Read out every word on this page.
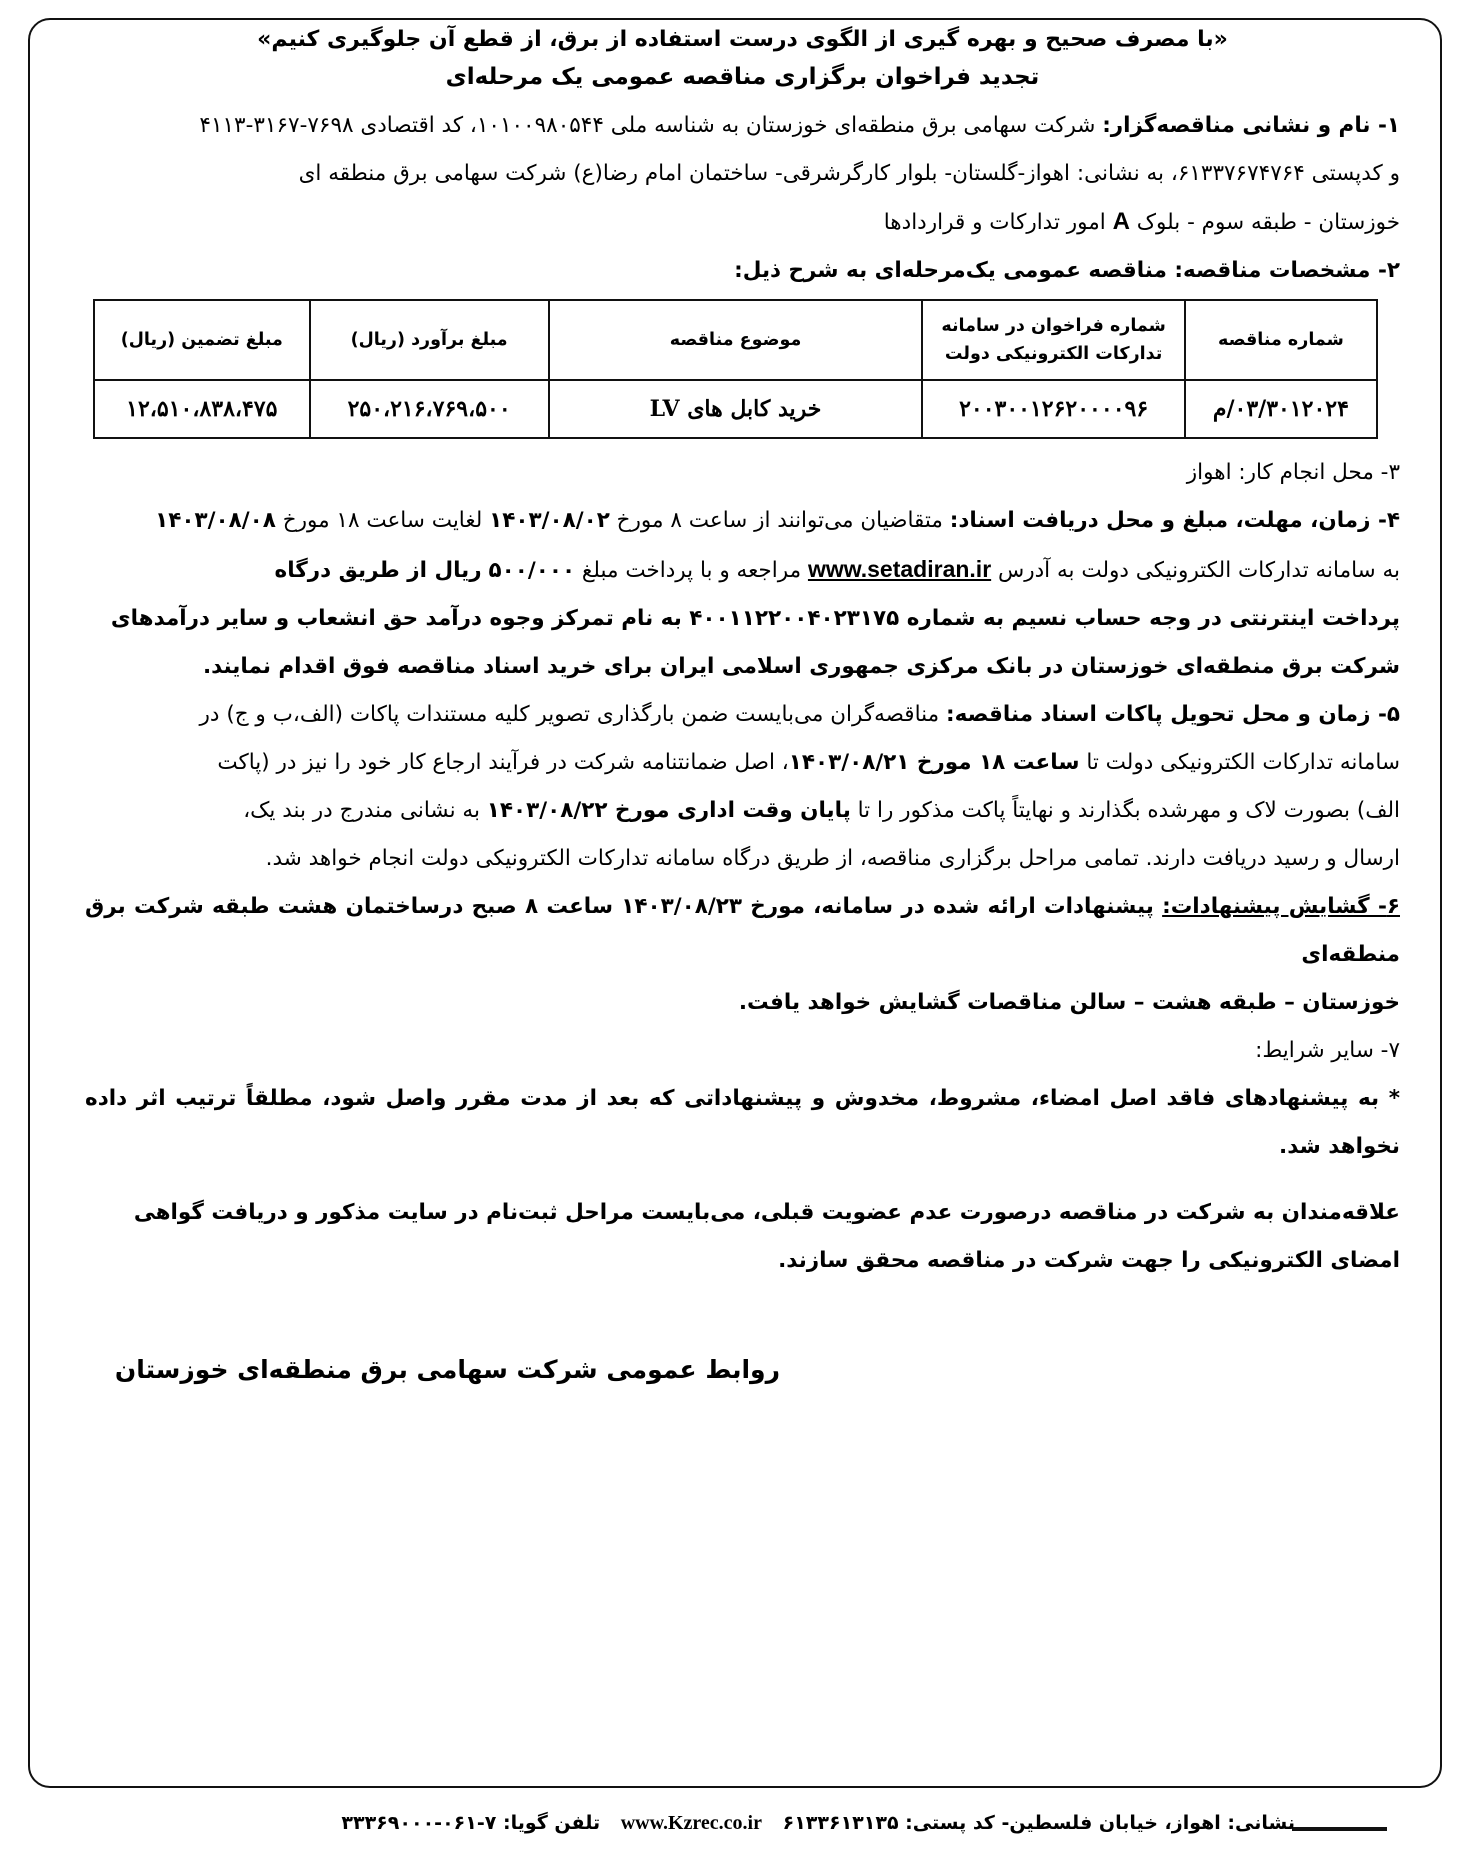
«با مصرف صحیح و بهره گیری از الگوی درست استفاده از برق، از قطع آن جلوگیری کنیم»

تجدید فراخوان برگزاری مناقصه عمومی یک مرحله‌ای

۱- نام و نشانی مناقصه‌گزار: شرکت سهامی برق منطقه‌ای خوزستان به شناسه ملی ۱۰۱۰۰۹۸۰۵۴۴، کد اقتصادی ۷۶۹۸-۳۱۶۷-۴۱۱۳

و کدپستی ۶۱۳۳۷۶۷۴۷۶۴، به نشانی: اهواز-گلستان- بلوار کارگرشرقی- ساختمان امام رضا(ع) شرکت سهامی برق منطقه ای

خوزستان - طبقه سوم - بلوک A امور تدارکات و قراردادها

۲- مشخصات مناقصه: مناقصه عمومی یک‌مرحله‌ای به شرح ذیل:

شماره مناقصه	شماره فراخوان در سامانه تدارکات الکترونیکی دولت	موضوع مناقصه	مبلغ برآورد (ریال)	مبلغ تضمین (ریال)
۰۳/۳۰۱۲۰۲۴/م	۲۰۰۳۰۰۱۲۶۲۰۰۰۰۹۶	خرید کابل های LV	۲۵۰،۲۱۶،۷۶۹،۵۰۰	۱۲،۵۱۰،۸۳۸،۴۷۵

۳- محل انجام کار: اهواز

۴- زمان، مهلت، مبلغ و محل دریافت اسناد: متقاضیان می‌توانند از ساعت ۸ مورخ ۱۴۰۳/۰۸/۰۲ لغایت ساعت ۱۸ مورخ ۱۴۰۳/۰۸/۰۸

به سامانه تدارکات الکترونیکی دولت به آدرس www.setadiran.ir مراجعه و با پرداخت مبلغ ۵۰۰/۰۰۰ ریال از طریق درگاه

پرداخت اینترنتی در وجه حساب نسیم به شماره ۴۰۰۱۱۲۲۰۰۴۰۲۳۱۷۵ به نام تمرکز وجوه درآمد حق انشعاب و سایر درآمدهای

شرکت برق منطقه‌ای خوزستان در بانک مرکزی جمهوری اسلامی ایران برای خرید اسناد مناقصه فوق اقدام نمایند.

۵- زمان و محل تحویل پاکات اسناد مناقصه: مناقصه‌گران می‌بایست ضمن بارگذاری تصویر کلیه مستندات پاکات (الف،ب و ج) در

سامانه تدارکات الکترونیکی دولت تا ساعت ۱۸ مورخ ۱۴۰۳/۰۸/۲۱، اصل ضمانتنامه شرکت در فرآیند ارجاع کار خود را نیز در (پاکت

الف) بصورت لاک و مهرشده بگذارند و نهایتاً پاکت مذکور را تا پایان وقت اداری مورخ ۱۴۰۳/۰۸/۲۲ به نشانی مندرج در بند یک،

ارسال و رسید دریافت دارند. تمامی مراحل برگزاری مناقصه، از طریق درگاه سامانه تدارکات الکترونیکی دولت انجام خواهد شد.

۶- گشایش پیشنهادات: پیشنهادات ارائه شده در سامانه، مورخ ۱۴۰۳/۰۸/۲۳ ساعت ۸ صبح درساختمان هشت طبقه شرکت برق منطقه‌ای

خوزستان – طبقه هشت – سالن مناقصات گشایش خواهد یافت.

۷- سایر شرایط:

* به پیشنهادهای فاقد اصل امضاء، مشروط، مخدوش و پیشنهاداتی که بعد از مدت مقرر واصل شود، مطلقاً ترتیب اثر داده نخواهد شد.

علاقه‌مندان به شرکت در مناقصه درصورت عدم عضویت قبلی، می‌بایست مراحل ثبت‌نام در سایت مذکور و دریافت گواهی

امضای الکترونیکی را جهت شرکت در مناقصه محقق سازند.

روابط عمومی شرکت سهامی برق منطقه‌ای خوزستان
نشانی: اهواز، خیابان فلسطین- کد پستی: ۶۱۳۳۶۱۳۱۳۵ www.Kzrec.co.ir تلفن گویا: ۷-۰۶۱-۳۳۳۶۹۰۰۰
